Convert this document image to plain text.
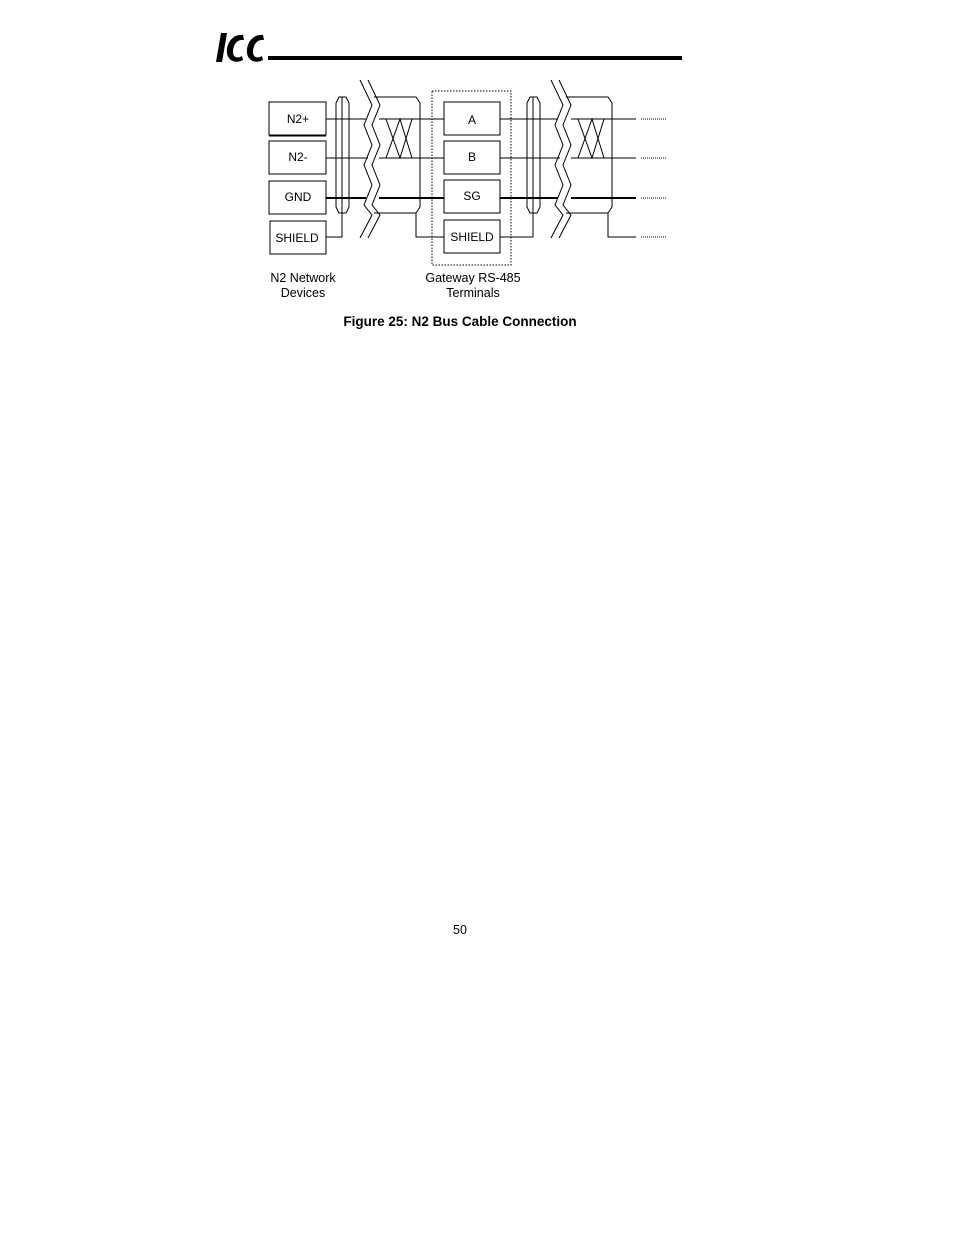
N2+
N2-
GND
SHIELD
A
B
SG
SHIELD
N2 Network
Devices
Gateway RS-485
Terminals
Figure 25: N2 Bus Cable Connection
50
